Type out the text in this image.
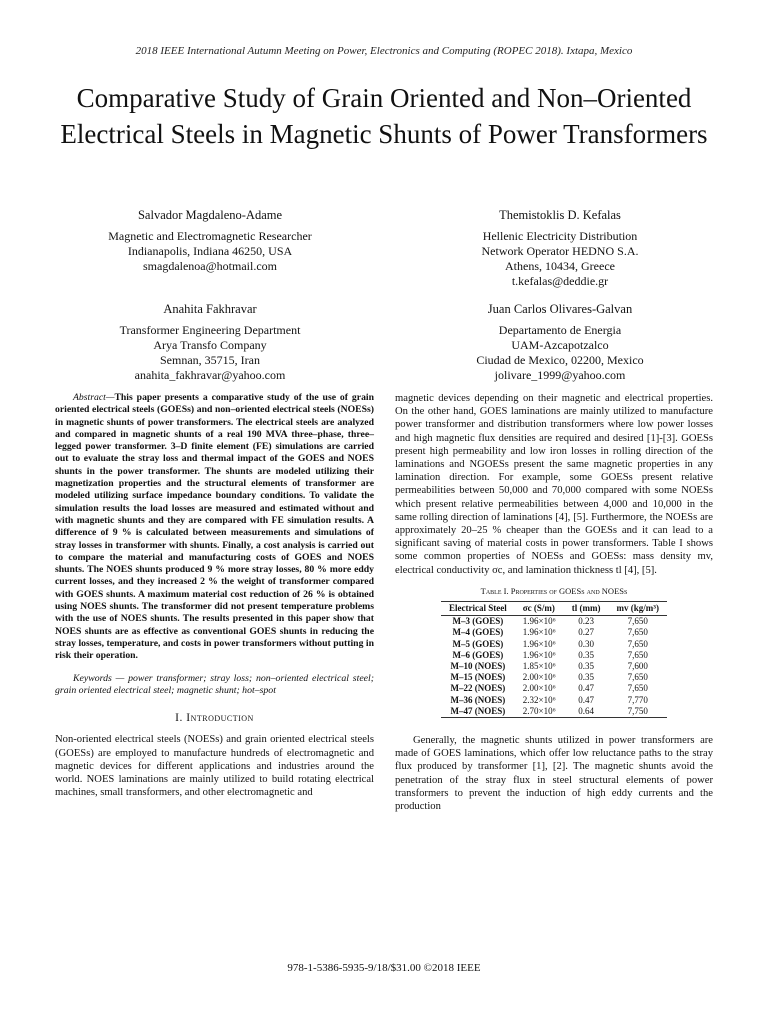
2018 IEEE International Autumn Meeting on Power, Electronics and Computing (ROPEC 2018). Ixtapa, Mexico
Comparative Study of Grain Oriented and Non–Oriented Electrical Steels in Magnetic Shunts of Power Transformers
Salvador Magdaleno-Adame
Magnetic and Electromagnetic Researcher
Indianapolis, Indiana 46250, USA
smagdalenoa@hotmail.com
Themistoklis D. Kefalas
Hellenic Electricity Distribution
Network Operator HEDNO S.A.
Athens, 10434, Greece
t.kefalas@deddie.gr
Anahita Fakhravar
Transformer Engineering Department
Arya Transfo Company
Semnan, 35715, Iran
anahita_fakhravar@yahoo.com
Juan Carlos Olivares-Galvan
Departamento de Energia
UAM-Azcapotzalco
Ciudad de Mexico, 02200, Mexico
jolivare_1999@yahoo.com

Abstract—This paper presents a comparative study of the use of grain oriented electrical steels (GOESs) and non–oriented electrical steels (NOESs) in magnetic shunts of power transformers. The electrical steels are analyzed and compared in magnetic shunts of a real 190 MVA three–phase, three–legged power transformer. 3–D finite element (FE) simulations are carried out to evaluate the stray loss and thermal impact of the GOES and NOES shunts in the power transformer. The shunts are modeled utilizing their magnetization properties and the structural elements of transformer are modeled utilizing surface impedance boundary conditions. To validate the simulation results the load losses are measured and estimated without and with magnetic shunts and they are compared with FE simulation results. A difference of 9 % is calculated between measurements and simulations of stray losses in transformer with shunts. Finally, a cost analysis is carried out to compare the material and manufacturing costs of GOES and NOES shunts. The NOES shunts produced 9 % more stray losses, 80 % more eddy current losses, and they increased 2 % the weight of transformer compared with GOES shunts. A maximum material cost reduction of 26 % is obtained using NOES shunts. The transformer did not present temperature problems with the use of NOES shunts. The results presented in this paper show that NOES shunts are as effective as conventional GOES shunts in reducing the stray losses, temperature, and costs in power transformers without putting in risk their operation.

Keywords — power transformer; stray loss; non–oriented electrical steel; grain oriented electrical steel; magnetic shunt; hot–spot

I. Introduction

Non-oriented electrical steels (NOESs) and grain oriented electrical steels (GOESs) are employed to manufacture hundreds of electromagnetic and magnetic devices for different applications and industries around the world. NOES laminations are mainly utilized to build rotating electrical machines, small transformers, and other electromagnetic and

magnetic devices depending on their magnetic and electrical properties. On the other hand, GOES laminations are mainly utilized to manufacture power transformer and distribution transformers where low power losses and high magnetic flux densities are required and desired [1]-[3]. GOESs present high permeability and low iron losses in rolling direction of the laminations and NGOESs present the same magnetic properties in any lamination direction. For example, some GOESs present relative permeabilities between 50,000 and 70,000 compared with some NOESs which present relative permeabilities between 4,000 and 10,000 in the same rolling direction of laminations [4], [5]. Furthermore, the NOESs are approximately 20–25 % cheaper than the GOESs and it can lead to a significant saving of material costs in power transformers. Table I shows some common properties of NOESs and GOESs: mass density mv, electrical conductivity σc, and lamination thickness tl [4], [5].

Table I. Properties of GOESs and NOESs
Electrical Steel	σc (S/m)	tl (mm)	mv (kg/m³)
M–3 (GOES)	1.96×10⁶	0.23	7,650
M–4 (GOES)	1.96×10⁶	0.27	7,650
M–5 (GOES)	1.96×10⁶	0.30	7,650
M–6 (GOES)	1.96×10⁶	0.35	7,650
M–10 (NOES)	1.85×10⁶	0.35	7,600
M–15 (NOES)	2.00×10⁶	0.35	7,650
M–22 (NOES)	2.00×10⁶	0.47	7,650
M–36 (NOES)	2.32×10⁶	0.47	7,770
M–47 (NOES)	2.70×10⁶	0.64	7,750

Generally, the magnetic shunts utilized in power transformers are made of GOES laminations, which offer low reluctance paths to the stray flux produced by transformer [1], [2]. The magnetic shunts avoid the penetration of the stray flux in steel structural elements of power transformers to prevent the induction of high eddy currents and the production

978-1-5386-5935-9/18/$31.00 ©2018 IEEE
